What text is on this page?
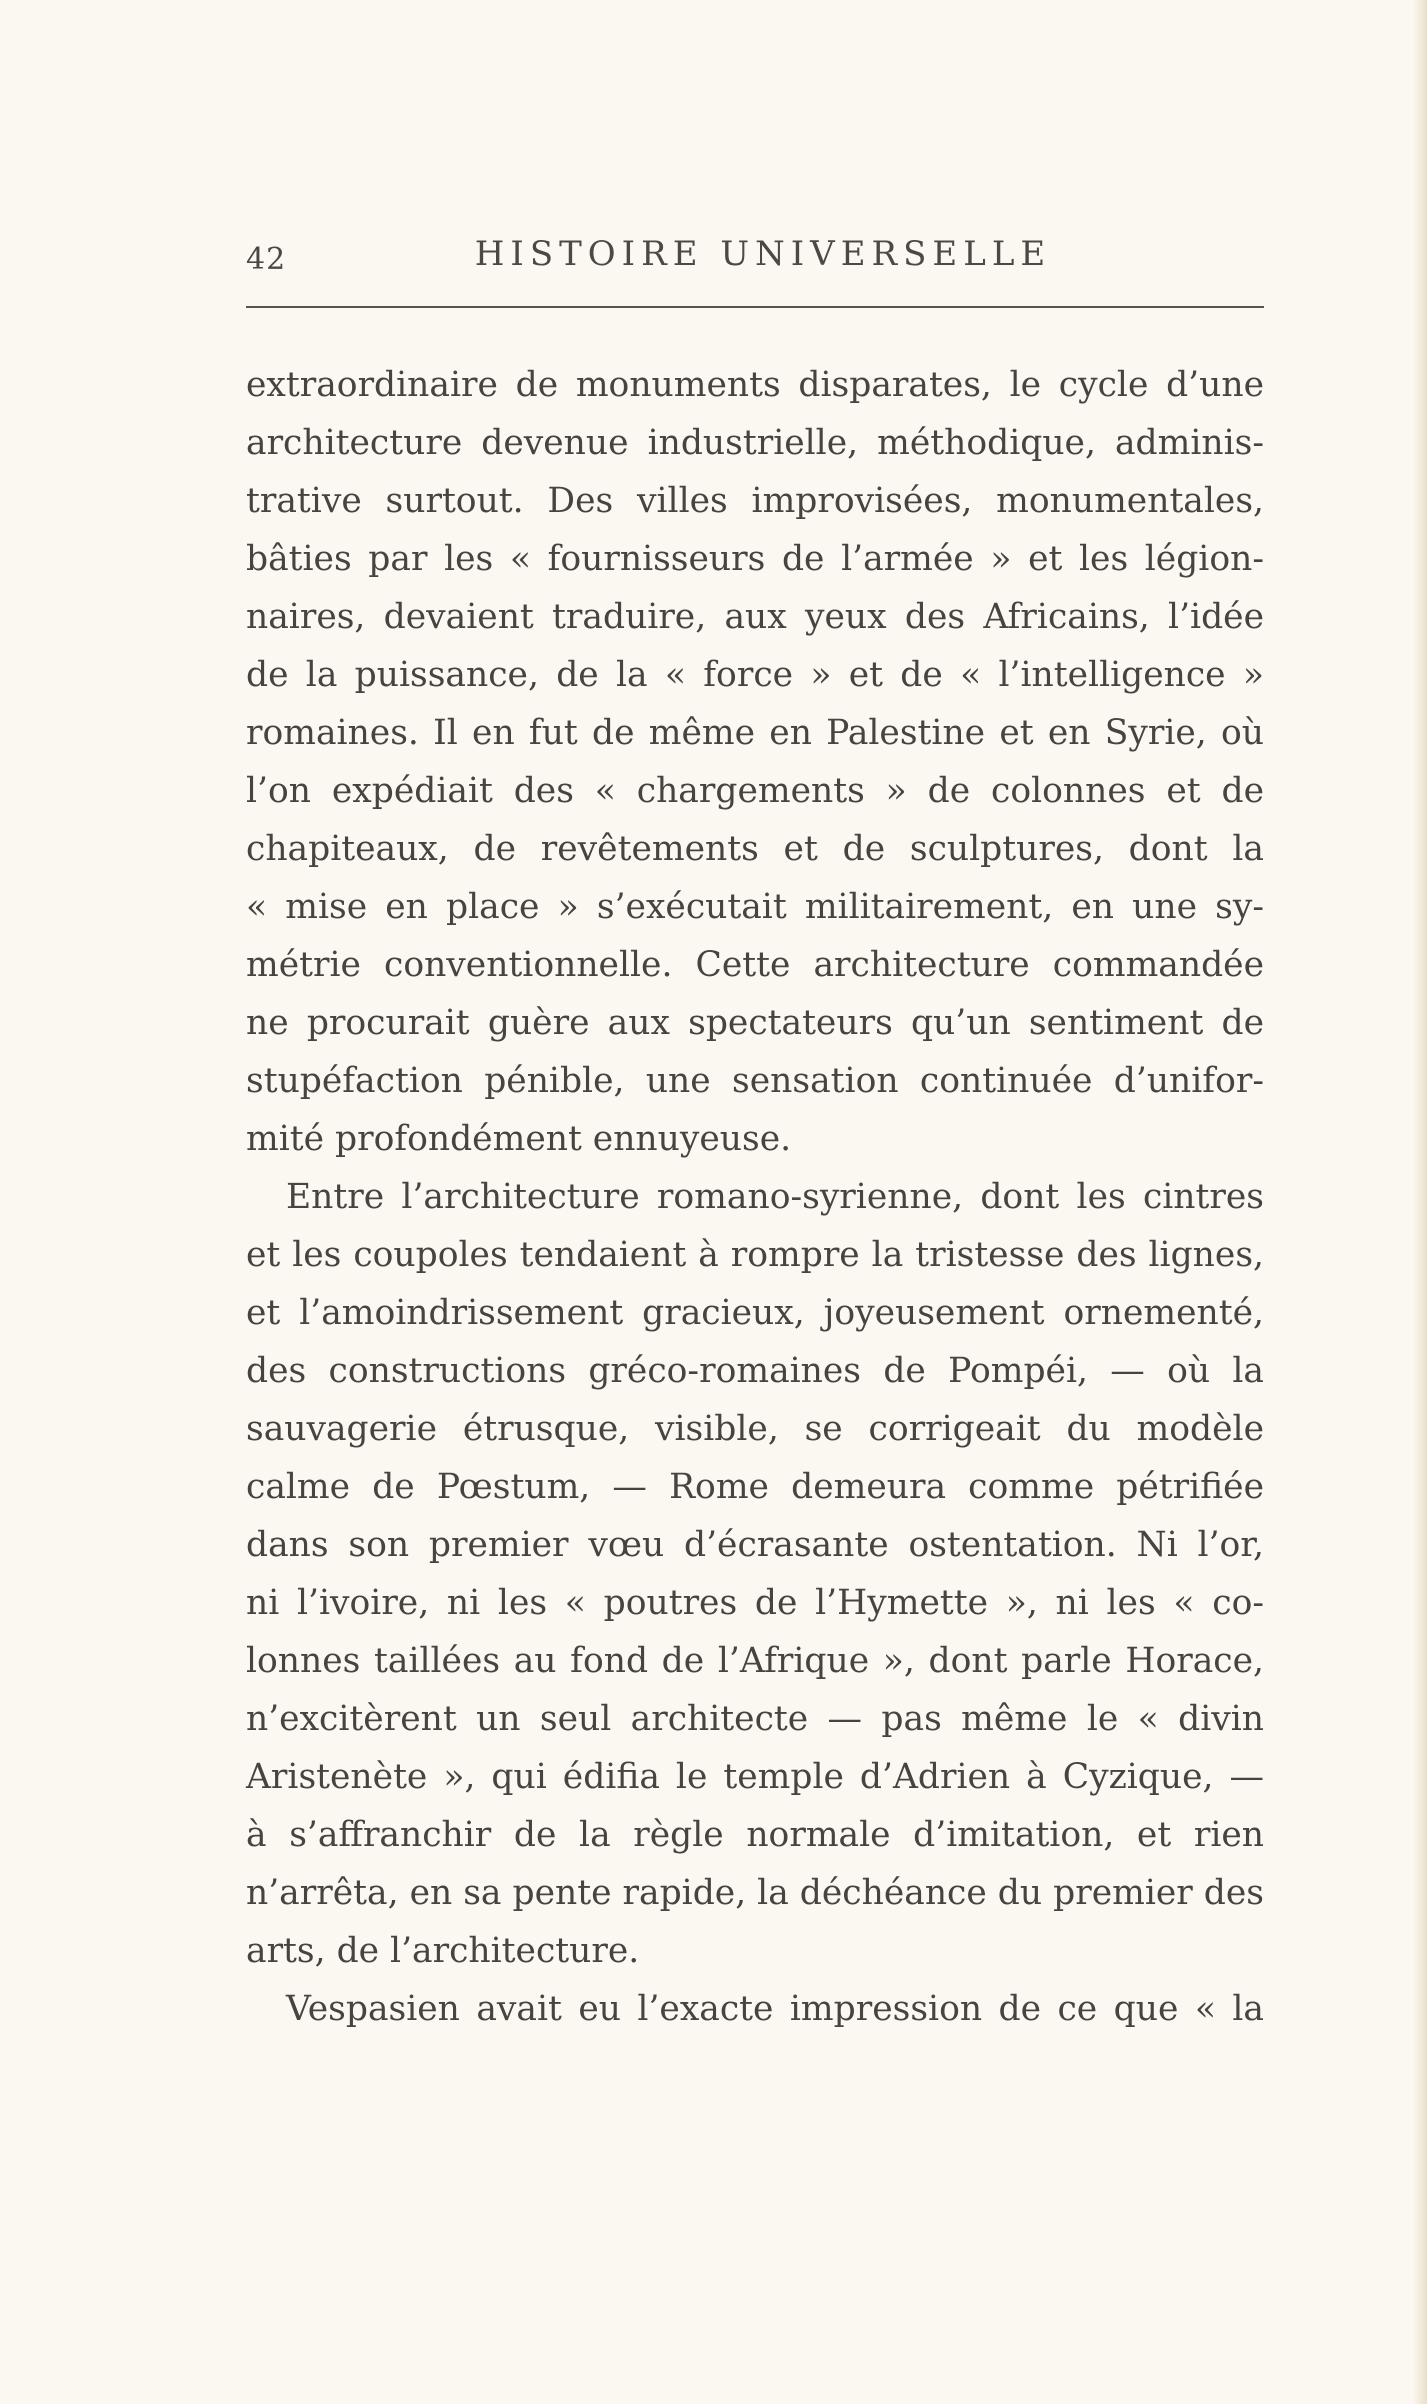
42	HISTOIRE UNIVERSELLE
extraordinaire de monuments disparates, le cycle d’une
architecture devenue industrielle, méthodique, adminis-
trative surtout. Des villes improvisées, monumentales,
bâties par les « fournisseurs de l’armée » et les légion-
naires, devaient traduire, aux yeux des Africains, l’idée
de la puissance, de la « force » et de « l’intelligence »
romaines. Il en fut de même en Palestine et en Syrie, où
l’on expédiait des « chargements » de colonnes et de
chapiteaux, de revêtements et de sculptures, dont la
« mise en place » s’exécutait militairement, en une sy-
métrie conventionnelle. Cette architecture commandée
ne procurait guère aux spectateurs qu’un sentiment de
stupéfaction pénible, une sensation continuée d’unifor-
mité profondément ennuyeuse.
Entre l’architecture romano-syrienne, dont les cintres
et les coupoles tendaient à rompre la tristesse des lignes,
et l’amoindrissement gracieux, joyeusement ornementé,
des constructions gréco-romaines de Pompéi, — où la
sauvagerie étrusque, visible, se corrigeait du modèle
calme de Pœstum, — Rome demeura comme pétrifiée
dans son premier vœu d’écrasante ostentation. Ni l’or,
ni l’ivoire, ni les « poutres de l’Hymette », ni les « co-
lonnes taillées au fond de l’Afrique », dont parle Horace,
n’excitèrent un seul architecte — pas même le « divin
Aristenète », qui édifia le temple d’Adrien à Cyzique, —
à s’affranchir de la règle normale d’imitation, et rien
n’arrêta, en sa pente rapide, la déchéance du premier des
arts, de l’architecture.
Vespasien avait eu l’exacte impression de ce que « la
